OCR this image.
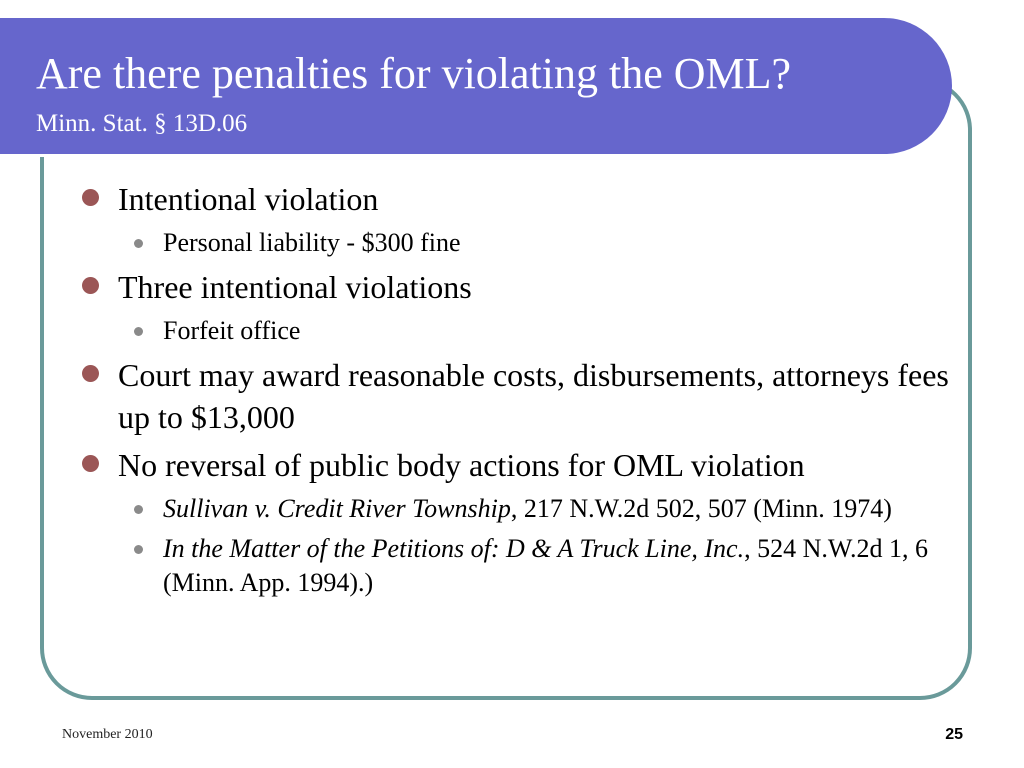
Are there penalties for violating the OML?
Minn. Stat. § 13D.06
Intentional violation
Personal liability - $300 fine
Three intentional violations
Forfeit office
Court may award reasonable costs, disbursements, attorneys fees up to $13,000
No reversal of public body actions for OML violation
Sullivan v. Credit River Township, 217 N.W.2d 502, 507 (Minn. 1974)
In the Matter of the Petitions of: D & A Truck Line, Inc., 524 N.W.2d 1, 6 (Minn. App. 1994).)
November 2010	25
